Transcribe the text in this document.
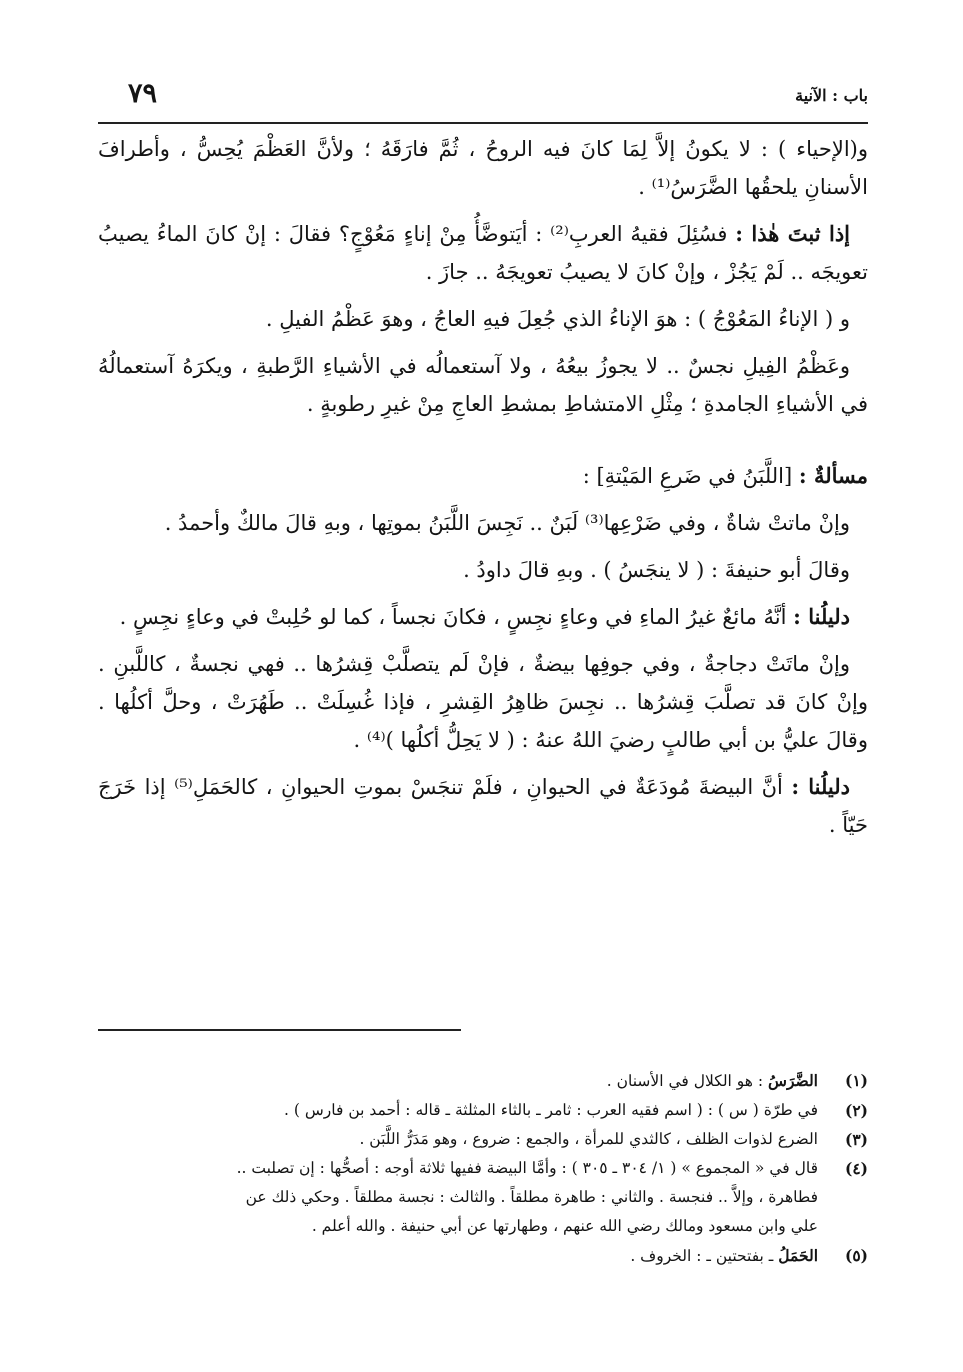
باب : الآنية
٧٩

و(الإحياء ) : لا يكونُ إلاَّ لِمَا كانَ فيه الروحُ ، ثُمَّ فارَقَهُ ؛ ولأنَّ العَظْمَ يُحِسُّ ، وأطرافَ الأسنانِ يلحقُها الضَّرَسُ⁽¹⁾ .

إذا ثبتَ هٰذا : فسُئِلَ فقيهُ العربِ⁽²⁾ : أيَتوضَّأُ مِنْ إناءٍ مَعُوْجٍ؟ فقالَ : إنْ كانَ الماءُ يصيبُ تعويجَه .. لَمْ يَجُزْ ، وإنْ كانَ لا يصيبُ تعويجَهُ .. جازَ .

و ( الإناءُ المَعُوْجُ ) : هوَ الإناءُ الذي جُعِلَ فيهِ العاجُ ، وهوَ عَظْمُ الفيلِ .

وعَظْمُ الفِيلِ نجسٌ .. لا يجوزُ بيعُهُ ، ولا آستعمالُه في الأشياءِ الرَّطبةِ ، ويكرَهُ آستعمالُهُ في الأشياءِ الجامدةِ ؛ مِثْلِ الامتشاطِ بمشطِ العاجِ مِنْ غيرِ رطوبةٍ .

مسألةٌ : [اللَّبَنُ في ضَرعِ المَيْتةِ] :

وإنْ ماتتْ شاةٌ ، وفي ضَرْعِها⁽³⁾ لَبَنٌ .. نَجِسَ اللَّبَنُ بموتِها ، وبهِ قالَ مالكٌ وأحمدُ .

وقالَ أبو حنيفةَ : ( لا ينجَسُ ) . وبهِ قالَ داودُ .

دليلُنا : أنَّهُ مائعٌ غيرُ الماءِ في وعاءٍ نجِسٍ ، فكانَ نجساً ، كما لو حُلِبتْ في وعاءٍ نجِسٍ .

وإنْ ماتَتْ دجاجةٌ ، وفي جوفِها بيضةٌ ، فإنْ لَم يتصلَّبْ قِشرُها .. فهي نجسةٌ ، كاللَّبنِ . وإنْ كانَ قد تصلَّبَ قِشرُها .. نجِسَ ظاهِرُ القِشرِ ، فإذا غُسِلَتْ .. طَهُرَتْ ، وحلَّ أكلُها . وقالَ عليُّ بن أبي طالبٍ رضيَ اللهُ عنهُ : ( لا يَحِلُّ أكلُها )⁽⁴⁾ .

دليلُنا : أنَّ البيضةَ مُودَعَةٌ في الحيوانِ ، فلَمْ تنجَسْ بموتِ الحيوانِ ، كالحَمَلِ⁽⁵⁾ إذا خَرَجَ حَيّاً .

(١)
الضَّرَسُ : هو الكلال في الأسنان .
(٢)
في طرّة ( س ) : ( اسم فقيه العرب : ثامر ـ بالثاء المثلثة ـ قاله : أحمد بن فارس ) .
(٣)
الضرع لذوات الظلف ، كالثدي للمرأة ، والجمع : ضروع ، وهو مَدَرُّ اللَّبَن .
(٤)
قال في « المجموع » ( ١/ ٣٠٤ ـ ٣٠٥ ) : وأمَّا البيضة ففيها ثلاثة أوجه : أصحُّها : إن تصلبت ..
فطاهرة ، وإلاَّ .. فنجسة . والثاني : طاهرة مطلقاً . والثالث : نجسة مطلقاً . وحكي ذلك عن
علي وابن مسعود ومالك رضي الله عنهم ، وطهارتها عن أبي حنيفة . والله أعلم .
(٥)
الحَمَلُ ـ بفتحتين ـ : الخروف .
